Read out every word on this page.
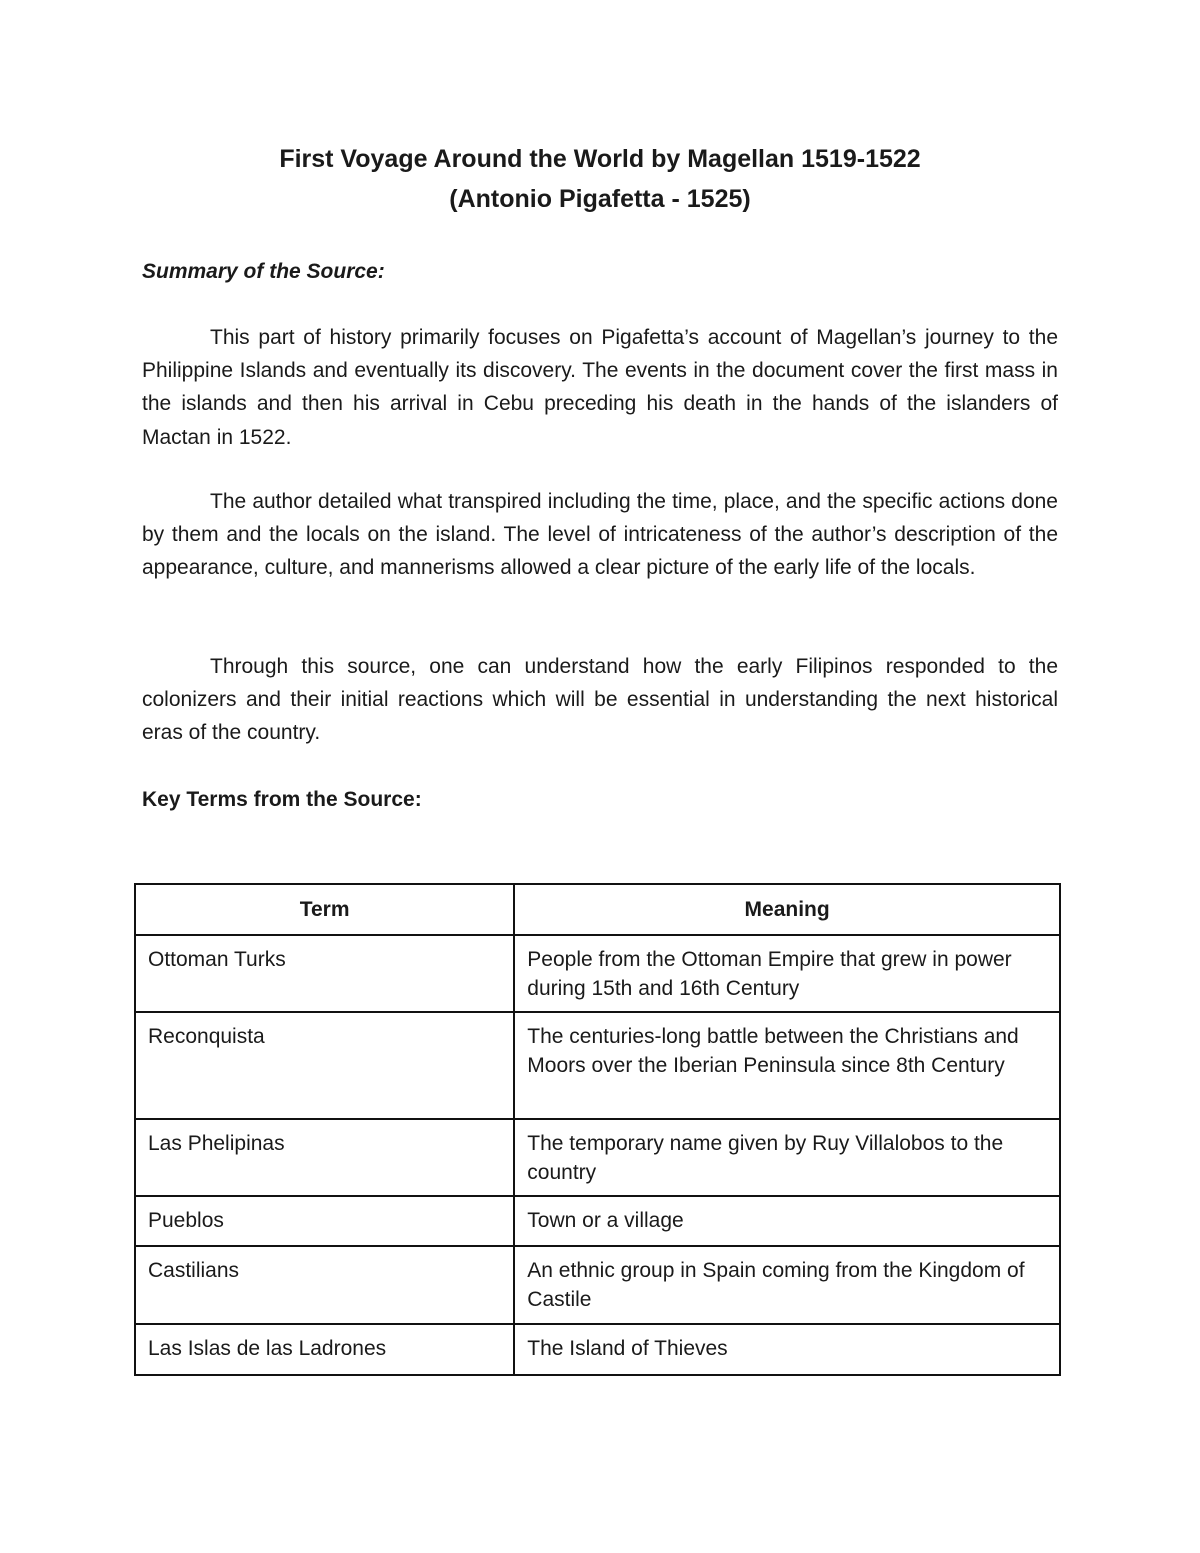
First Voyage Around the World by Magellan 1519-1522
(Antonio Pigafetta - 1525)
Summary of the Source:

This part of history primarily focuses on Pigafetta’s account of Magellan’s journey to the Philippine Islands and eventually its discovery. The events in the document cover the first mass in the islands and then his arrival in Cebu preceding his death in the hands of the islanders of Mactan in 1522.

The author detailed what transpired including the time, place, and the specific actions done by them and the locals on the island. The level of intricateness of the author’s description of the appearance, culture, and mannerisms allowed a clear picture of the early life of the locals.

Through this source, one can understand how the early Filipinos responded to the colonizers and their initial reactions which will be essential in understanding the next historical eras of the country.

Key Terms from the Source:
Term	Meaning
Ottoman Turks	People from the Ottoman Empire that grew in power during 15th and 16th Century
Reconquista	The centuries-long battle between the Christians and Moors over the Iberian Peninsula since 8th Century
Las Phelipinas	The temporary name given by Ruy Villalobos to the country
Pueblos	Town or a village
Castilians	An ethnic group in Spain coming from the Kingdom of Castile
Las Islas de las Ladrones	The Island of Thieves
